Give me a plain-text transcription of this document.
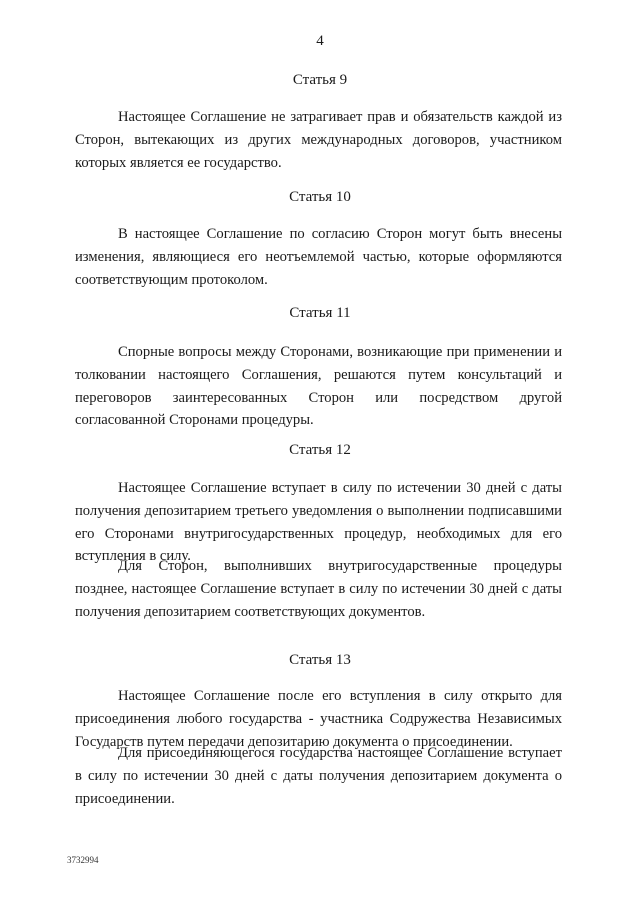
4
Статья 9
Настоящее Соглашение не затрагивает прав и обязательств каждой из Сторон, вытекающих из других международных договоров, участником которых является ее государство.
Статья 10
В настоящее Соглашение по согласию Сторон могут быть внесены изменения, являющиеся его неотъемлемой частью, которые оформляются соответствующим протоколом.
Статья 11
Спорные вопросы между Сторонами, возникающие при применении и толковании настоящего Соглашения, решаются путем консультаций и переговоров заинтересованных Сторон или посредством другой согласованной Сторонами процедуры.
Статья 12
Настоящее Соглашение вступает в силу по истечении 30 дней с даты получения депозитарием третьего уведомления о выполнении подписавшими его Сторонами внутригосударственных процедур, необходимых для его вступления в силу.
Для Сторон, выполнивших внутригосударственные процедуры позднее, настоящее Соглашение вступает в силу по истечении 30 дней с даты получения депозитарием соответствующих документов.
Статья 13
Настоящее Соглашение после его вступления в силу открыто для присоединения любого государства - участника Содружества Независимых Государств путем передачи депозитарию документа о присоединении.
Для присоединяющегося государства настоящее Соглашение вступает в силу по истечении 30 дней с даты получения депозитарием документа о присоединении.
3732994
